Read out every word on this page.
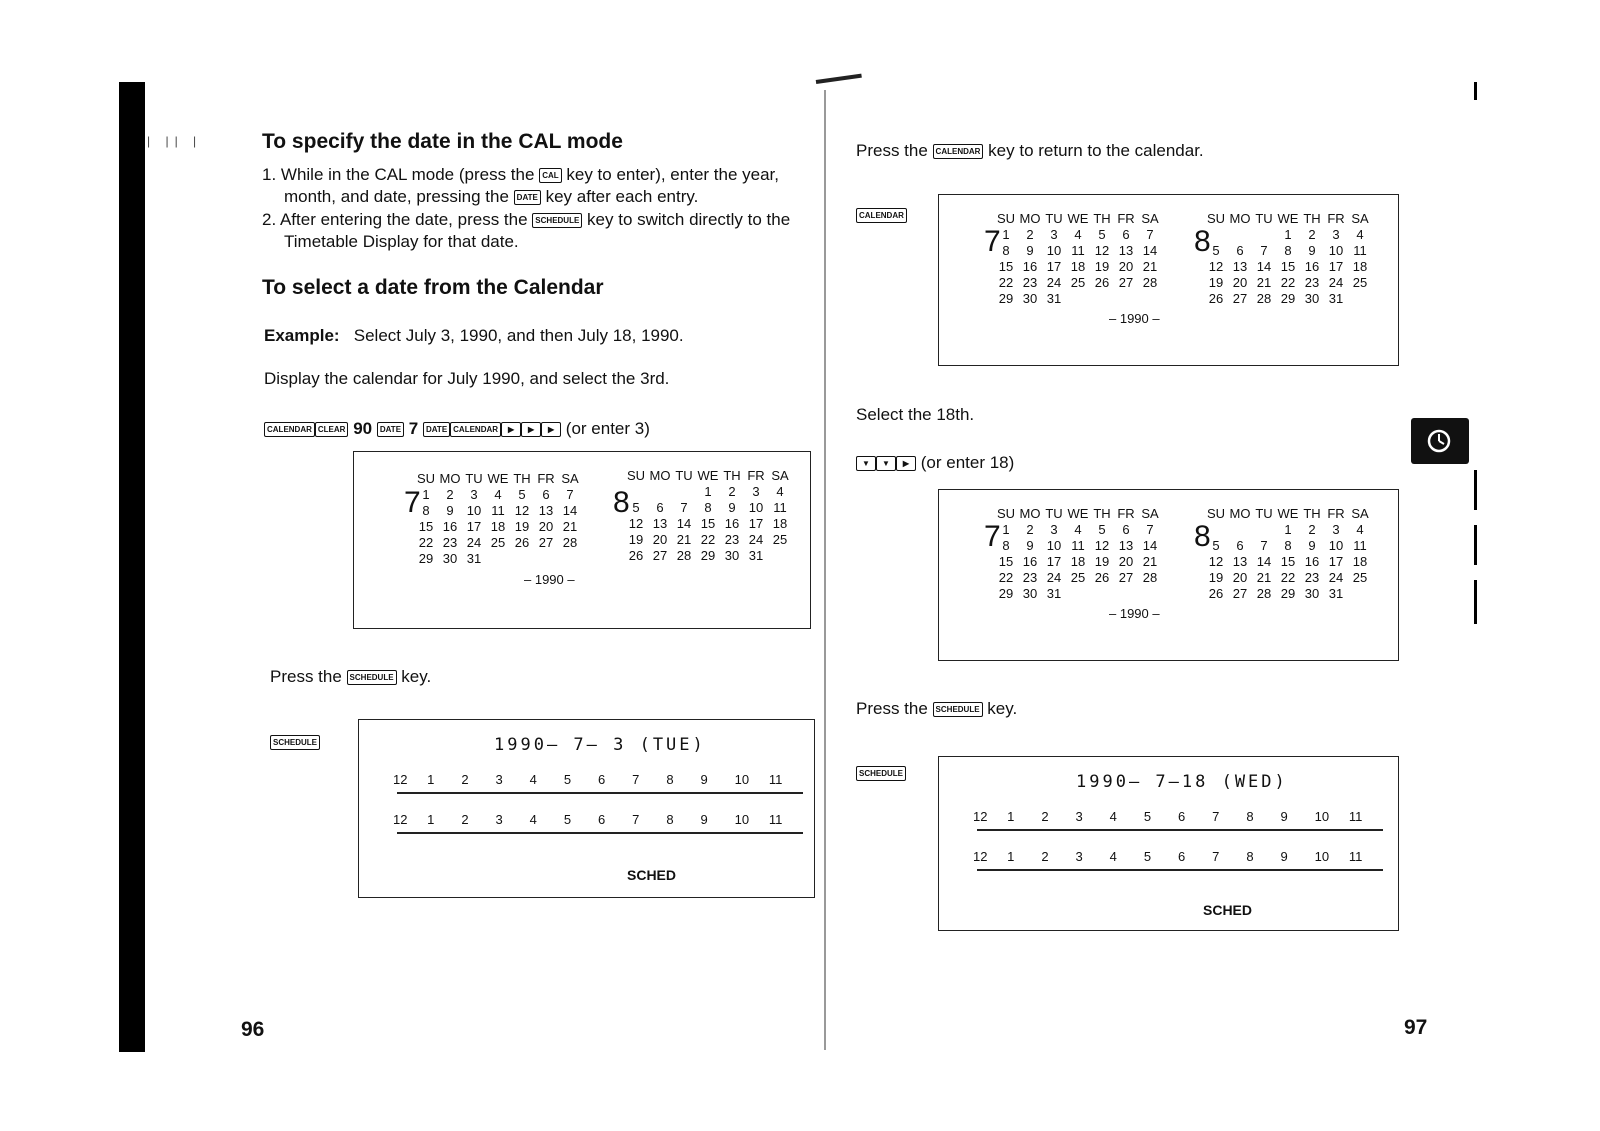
| || |	To specify the date in the CAL mode
1. While in the CAL mode (press the CAL key to enter), enter the year,
month, and date, pressing the DATE key after each entry.
2. After entering the date, press the SCHEDULE key to switch directly to the
Timetable Display for that date.
To select a date from the Calendar
Example: Select July 3, 1990, and then July 18, 1990.
Display the calendar for July 1990, and select the 3rd.
CALENDAR CLEAR 90 DATE 7 DATE CALENDAR ▶ ▶ ▶ (or enter 3)
7
SU	MO	TU	WE	TH	FR	SA
1	2	3	4	5	6	7
8	9	10	11	12	13	14
15	16	17	18	19	20	21
22	23	24	25	26	27	28
29	30	31				
8
SU	MO	TU	WE	TH	FR	SA
			1	2	3	4
5	6	7	8	9	10	11
12	13	14	15	16	17	18
19	20	21	22	23	24	25
26	27	28	29	30	31	
– 1990 –
Press the SCHEDULE key.
SCHEDULE	1990— 7— 3 (TUE)
12 1 2 3 4 5 6 7 8 9 10 11
12 1 2 3 4 5 6 7 8 9 10 11
SCHED
96
Press the CALENDAR key to return to the calendar.
CALENDAR
7
SU	MO	TU	WE	TH	FR	SA
1	2	3	4	5	6	7
8	9	10	11	12	13	14
15	16	17	18	19	20	21
22	23	24	25	26	27	28
29	30	31				
8
SU	MO	TU	WE	TH	FR	SA
			1	2	3	4
5	6	7	8	9	10	11
12	13	14	15	16	17	18
19	20	21	22	23	24	25
26	27	28	29	30	31	
– 1990 –
Select the 18th.
▼ ▼ ▶ (or enter 18)
7
SU	MO	TU	WE	TH	FR	SA
1	2	3	4	5	6	7
8	9	10	11	12	13	14
15	16	17	18	19	20	21
22	23	24	25	26	27	28
29	30	31				
8
SU	MO	TU	WE	TH	FR	SA
			1	2	3	4
5	6	7	8	9	10	11
12	13	14	15	16	17	18
19	20	21	22	23	24	25
26	27	28	29	30	31	
– 1990 –
Press the SCHEDULE key.
SCHEDULE	1990— 7—18 (WED)
12 1 2 3 4 5 6 7 8 9 10 11
12 1 2 3 4 5 6 7 8 9 10 11
SCHED
97
